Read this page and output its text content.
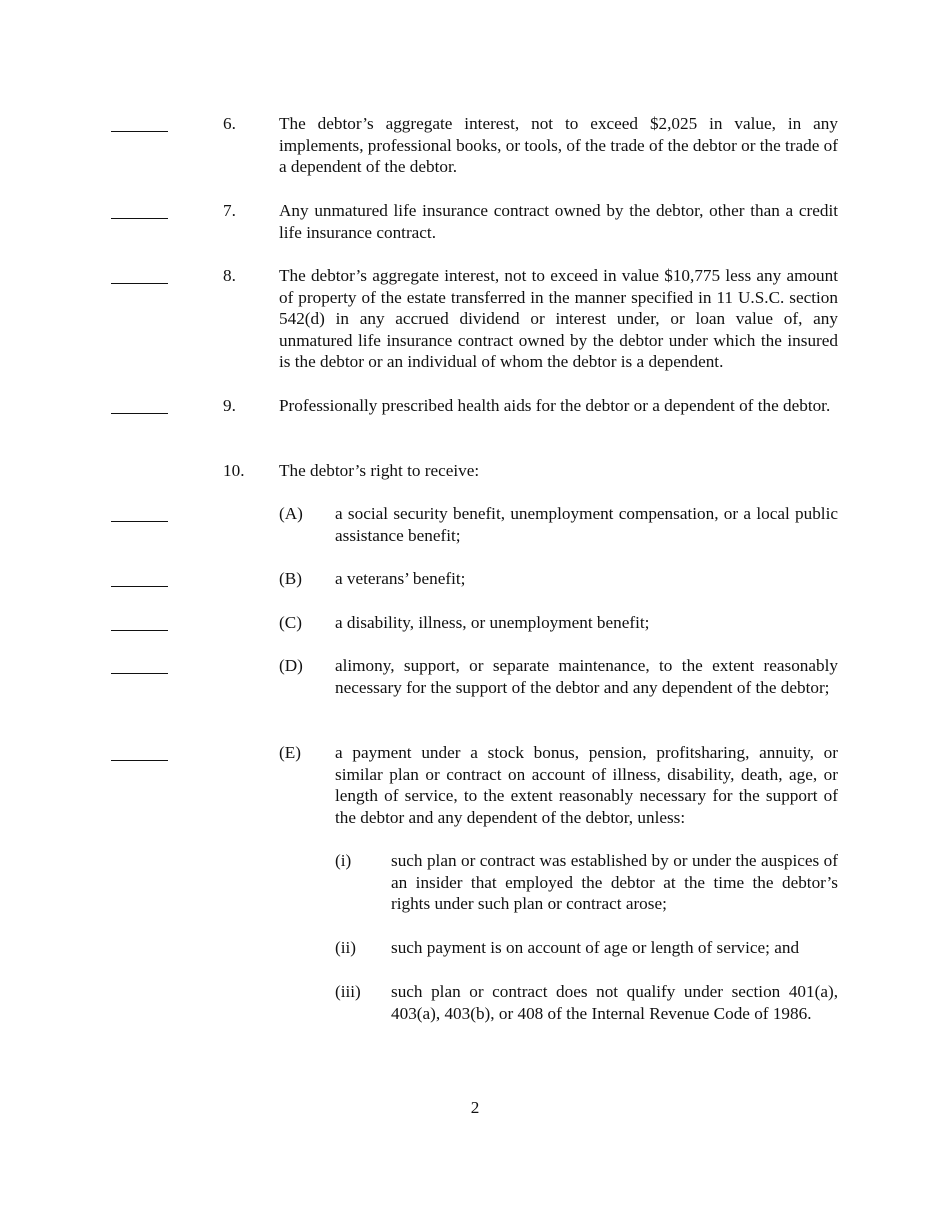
6.	The debtor’s aggregate interest, not to exceed $2,025 in value, in any implements, professional books, or tools, of the trade of the debtor or the trade of a dependent of the debtor.
7.	Any unmatured life insurance contract owned by the debtor, other than a credit life insurance contract.
8.	The debtor’s aggregate interest, not to exceed in value $10,775 less any amount of property of the estate transferred in the manner specified in 11 U.S.C. section 542(d) in any accrued dividend or interest under, or loan value of, any unmatured life insurance contract owned by the debtor under which the insured is the debtor or an individual of whom the debtor is a dependent.
9.	Professionally prescribed health aids for the debtor or a dependent of the debtor.
10. The debtor’s right to receive:
(A) a social security benefit, unemployment compensation, or a local public assistance benefit;
(B) a veterans’ benefit;
(C) a disability, illness, or unemployment benefit;
(D) alimony, support, or separate maintenance, to the extent reasonably necessary for the support of the debtor and any dependent of the debtor;
(E) a payment under a stock bonus, pension, profitsharing, annuity, or similar plan or contract on account of illness, disability, death, age, or length of service, to the extent reasonably necessary for the support of the debtor and any dependent of the debtor, unless:
(i) such plan or contract was established by or under the auspices of an insider that employed the debtor at the time the debtor’s rights under such plan or contract arose;
(ii) such payment is on account of age or length of service; and
(iii) such plan or contract does not qualify under section 401(a), 403(a), 403(b), or 408 of the Internal Revenue Code of 1986.
2
